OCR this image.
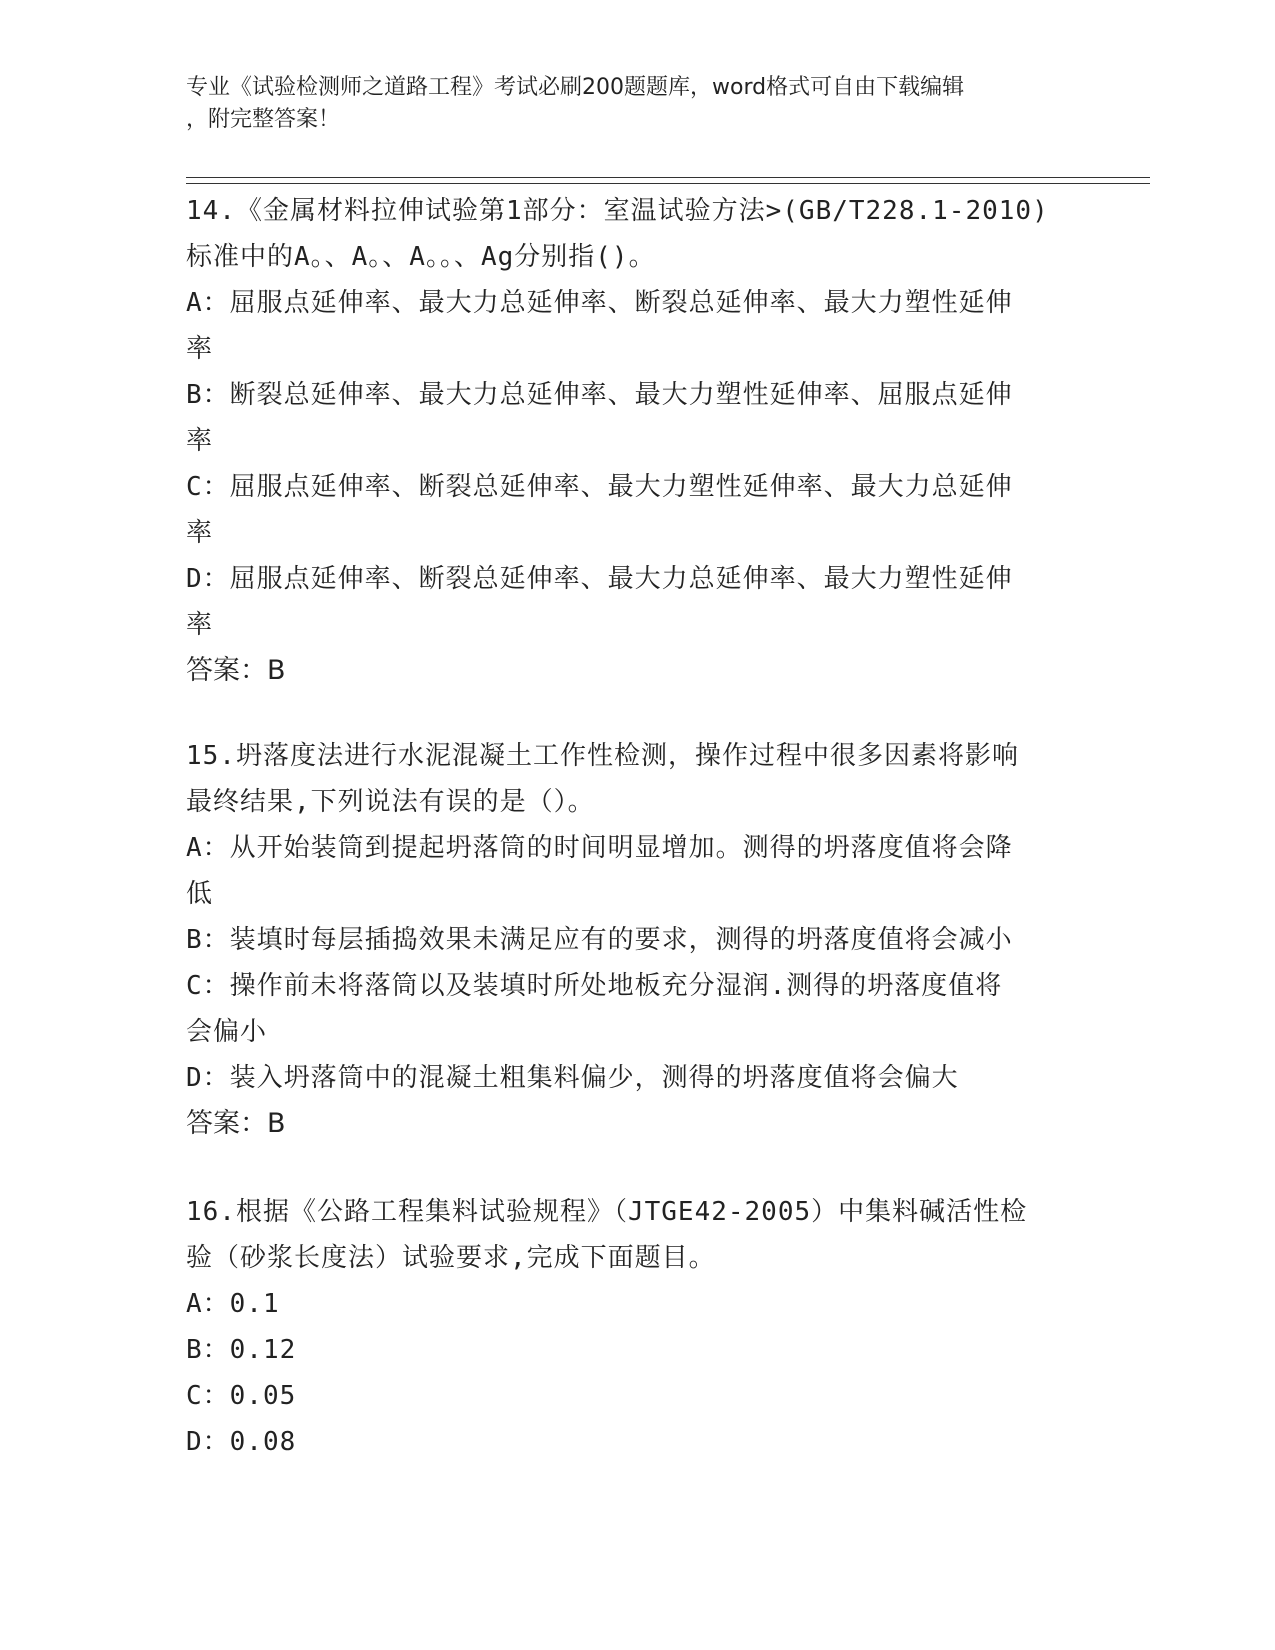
专业《试验检测师之道路工程》考试必刷200题题库，word格式可自由下载编辑
，附完整答案！
14.《金属材料拉伸试验第1部分：室温试验方法>(GB/T228.1-2010)
标准中的A。、A。、A。。、Ag分别指()。
A：屈服点延伸率、最大力总延伸率、断裂总延伸率、最大力塑性延伸
率
B：断裂总延伸率、最大力总延伸率、最大力塑性延伸率、屈服点延伸
率
C：屈服点延伸率、断裂总延伸率、最大力塑性延伸率、最大力总延伸
率
D：屈服点延伸率、断裂总延伸率、最大力总延伸率、最大力塑性延伸
率
答案：B
15.坍落度法进行水泥混凝土工作性检测，操作过程中很多因素将影响
最终结果,下列说法有误的是（）。
A：从开始装筒到提起坍落筒的时间明显增加。测得的坍落度值将会降
低
B：装填时每层插捣效果未满足应有的要求，测得的坍落度值将会减小
C：操作前未将落筒以及装填时所处地板充分湿润.测得的坍落度值将
会偏小
D：装入坍落筒中的混凝土粗集料偏少，测得的坍落度值将会偏大
答案：B
16.根据《公路工程集料试验规程》（JTGE42-2005）中集料碱活性检
验（砂浆长度法）试验要求,完成下面题目。
A：0.1
B：0.12
C：0.05
D：0.08
